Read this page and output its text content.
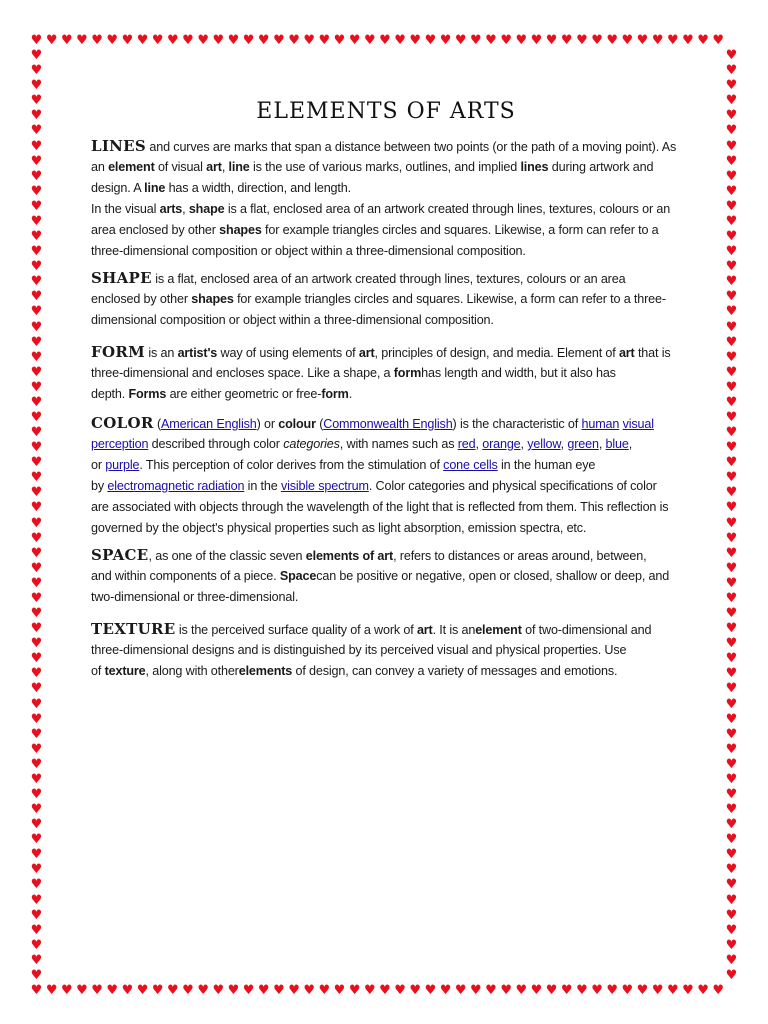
♥
♥
♥
♥
♥
♥
♥
♥
♥
♥
♥
♥
♥
♥
♥
♥
♥
♥
♥
♥
♥
♥
♥
♥
♥
♥
♥
♥
♥
♥
♥
♥
♥
♥
♥
♥
♥
♥
♥
♥
♥
♥
♥
♥
♥
♥
♥
♥
♥
♥
♥
♥
♥
♥
♥
♥
♥
♥
♥
♥
♥
♥
♥
♥
♥
♥
♥
♥
♥
♥
♥
♥
♥
♥
♥
♥
♥
♥
♥
♥
♥
♥
♥
♥
♥
♥
♥
♥
♥
♥
♥
♥
♥	♥
♥	♥
♥	♥
♥	♥
♥	♥
♥	♥
♥	♥
♥	♥
♥	♥
♥	♥
♥	♥
♥	♥
♥	♥
♥	♥
♥	♥
♥	♥
♥	♥
♥	♥
♥	♥
♥	♥
♥	♥
♥	♥
♥	♥
♥	♥
♥	♥
♥	♥
♥	♥
♥	♥
♥	♥
♥	♥
♥	♥
♥	♥
♥	♥
♥	♥
♥	♥
♥	♥
♥	♥
♥	♥
♥	♥
♥	♥
♥	♥
♥	♥
♥	♥
♥	♥
♥	♥
♥	♥
♥	♥
♥	♥
♥	♥
♥	♥
♥	♥
♥	♥
♥	♥
♥	♥
♥	♥
♥	♥
♥	♥
♥	♥
♥	♥
♥	♥
♥	♥
♥	♥
ELEMENTS OF ARTS
LINES and curves are marks that span a distance between two points (or the path of a moving point). As
an element of visual art, line is the use of various marks, outlines, and implied lines during artwork and
design. A line has a width, direction, and length.
In the visual arts, shape is a flat, enclosed area of an artwork created through lines, textures, colours or an
area enclosed by other shapes for example triangles circles and squares. Likewise, a form can refer to a
three-dimensional composition or object within a three-dimensional composition.
SHAPE is a flat, enclosed area of an artwork created through lines, textures, colours or an area
enclosed by other shapes for example triangles circles and squares. Likewise, a form can refer to a three-
dimensional composition or object within a three-dimensional composition.
FORM is an artist's way of using elements of art, principles of design, and media. Element of art that is
three-dimensional and encloses space. Like a shape, a formhas length and width, but it also has
depth. Forms are either geometric or free-form.
COLOR (American English) or colour (Commonwealth English) is the characteristic of human visual
perception described through color categories, with names such as red, orange, yellow, green, blue,
or purple. This perception of color derives from the stimulation of cone cells in the human eye
by electromagnetic radiation in the visible spectrum. Color categories and physical specifications of color
are associated with objects through the wavelength of the light that is reflected from them. This reflection is
governed by the object's physical properties such as light absorption, emission spectra, etc.
SPACE, as one of the classic seven elements of art, refers to distances or areas around, between,
and within components of a piece. Spacecan be positive or negative, open or closed, shallow or deep, and
two-dimensional or three-dimensional.
TEXTURE is the perceived surface quality of a work of art. It is anelement of two-dimensional and
three-dimensional designs and is distinguished by its perceived visual and physical properties. Use
of texture, along with otherelements of design, can convey a variety of messages and emotions.
